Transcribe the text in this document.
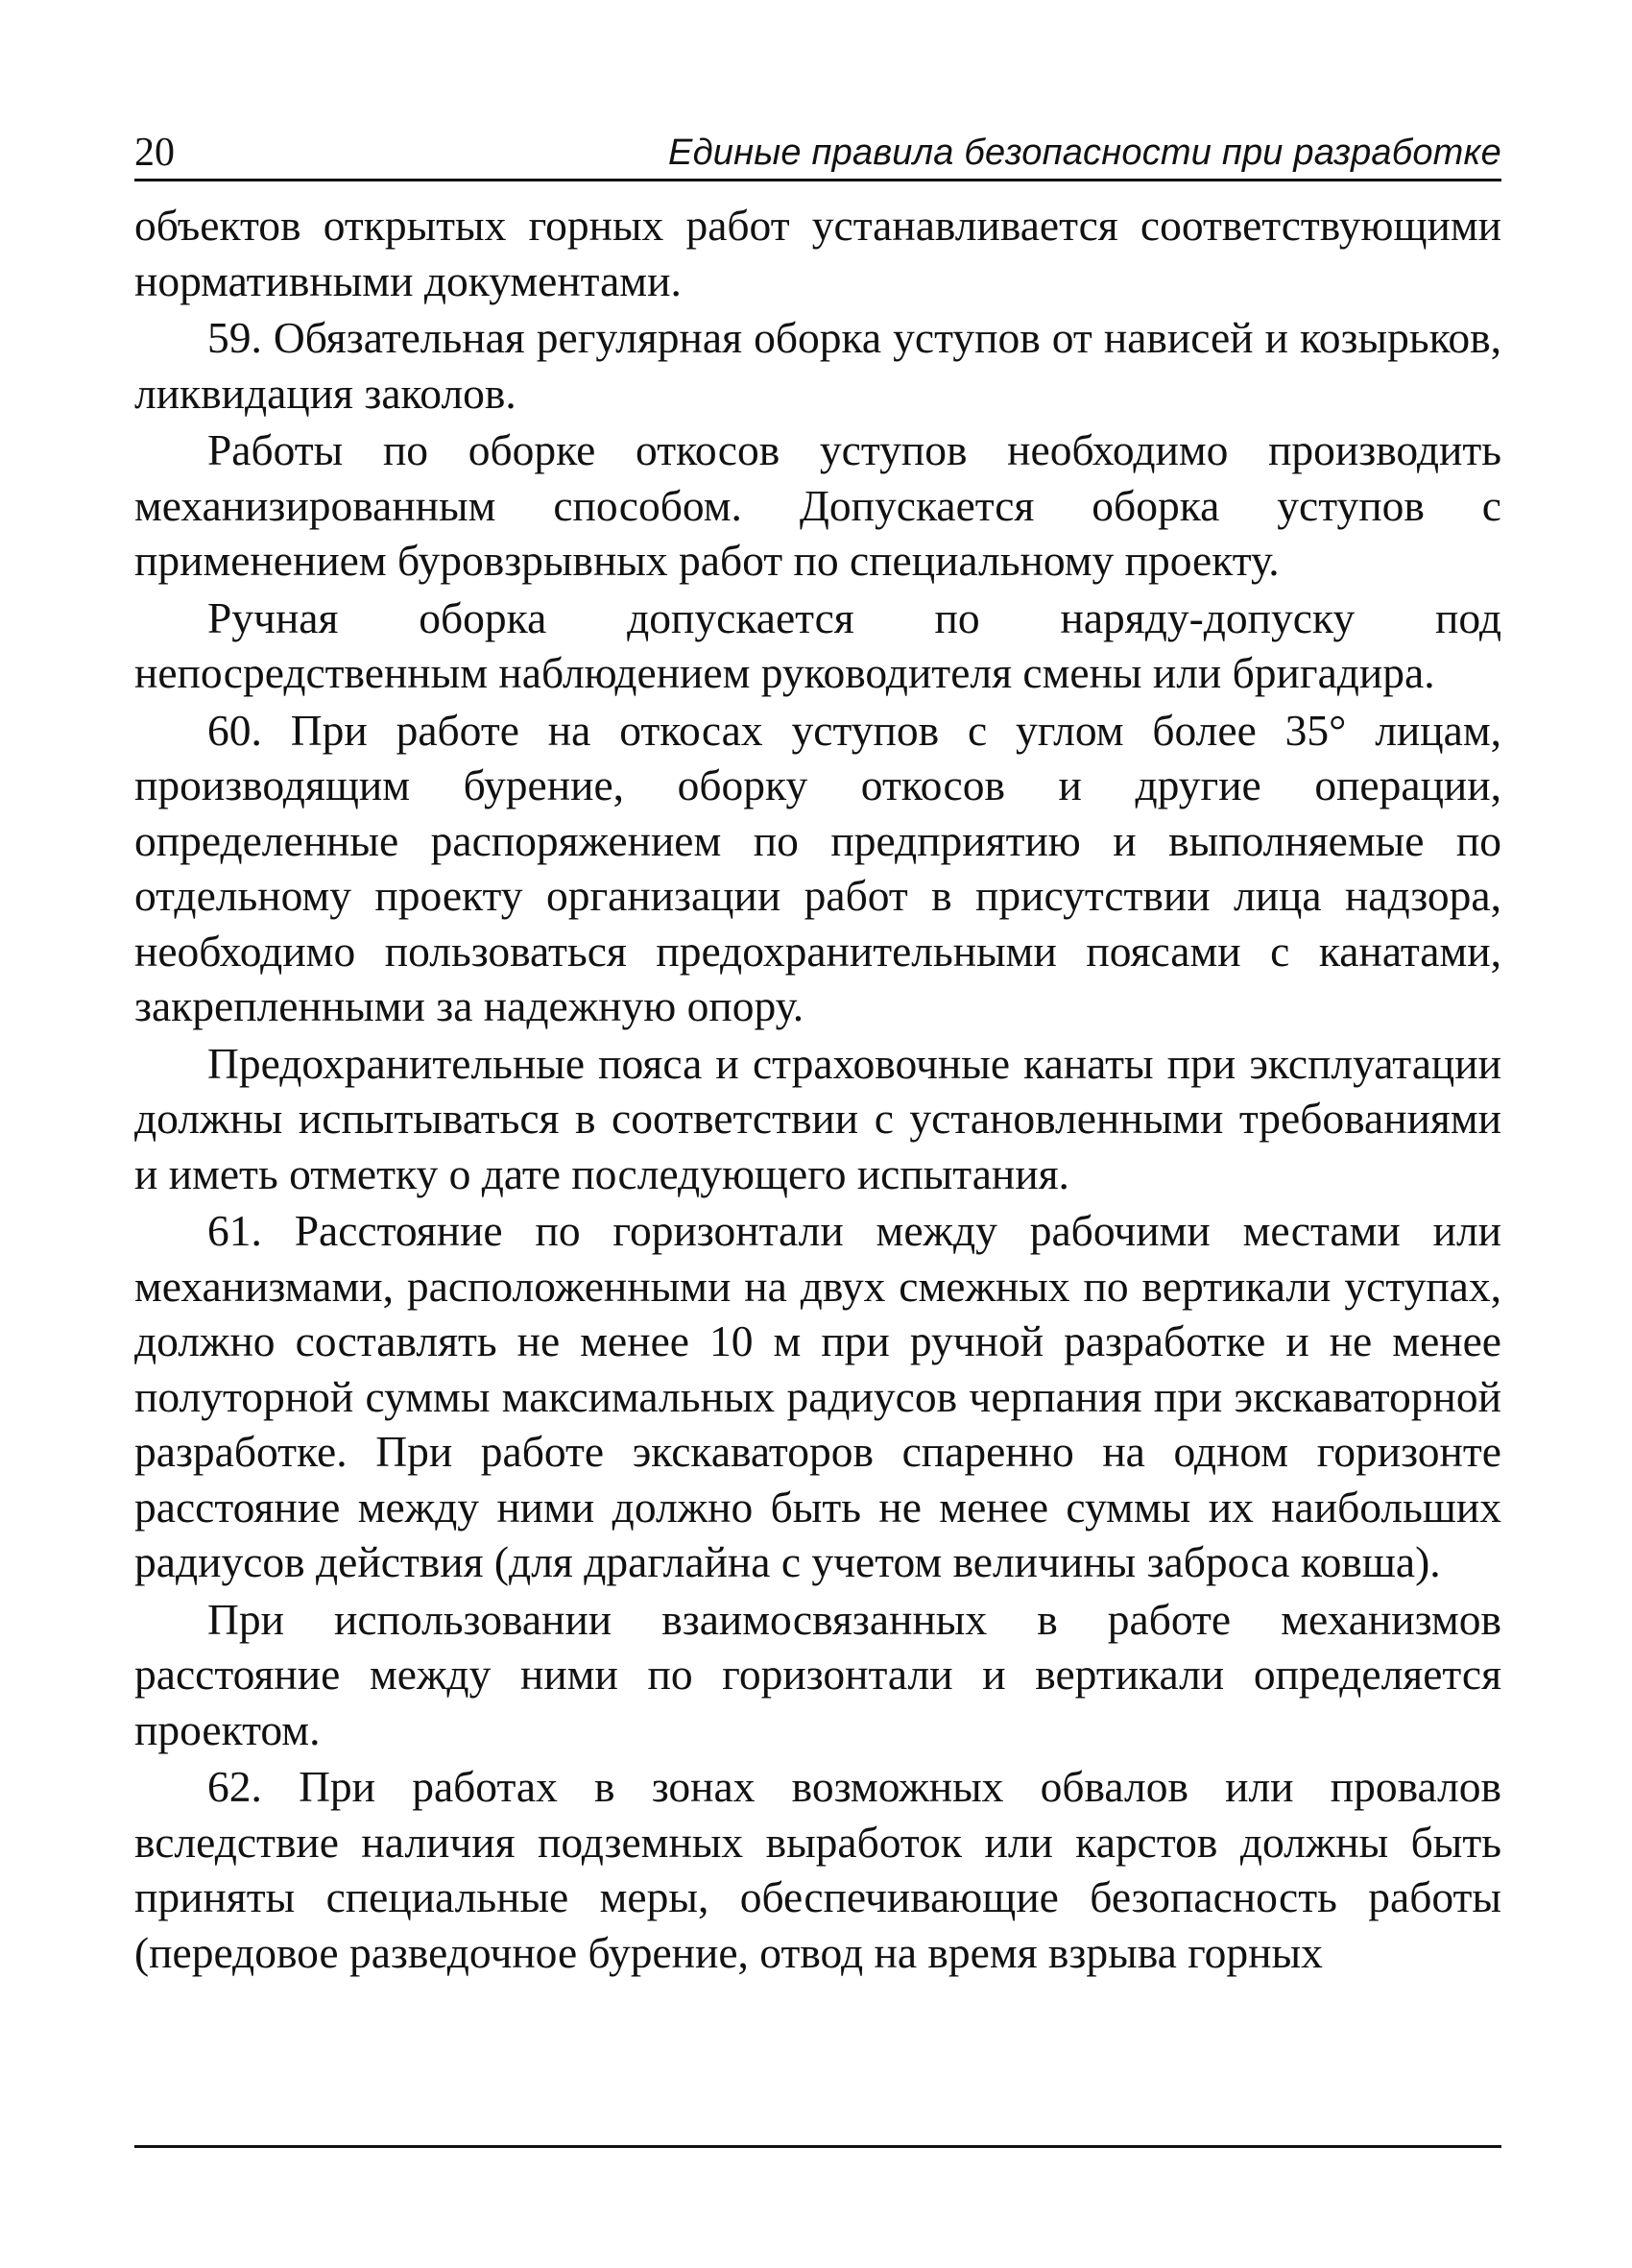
20	Единые правила безопасности при разработке

объектов открытых горных работ устанавливается соответствующими нормативными документами.

59. Обязательная регулярная оборка уступов от нависей и козырьков, ликвидация заколов.

Работы по оборке откосов уступов необходимо производить механизированным способом. Допускается оборка уступов с применением буровзрывных работ по специальному проекту.

Ручная оборка допускается по наряду-допуску под непосредственным наблюдением руководителя смены или бригадира.

60. При работе на откосах уступов с углом более 35° лицам, производящим бурение, оборку откосов и другие операции, определенные распоряжением по предприятию и выполняемые по отдельному проекту организации работ в присутствии лица надзора, необходимо пользоваться предохранительными поясами с канатами, закрепленными за надежную опору.

Предохранительные пояса и страховочные канаты при эксплуатации должны испытываться в соответствии с установленными требованиями и иметь отметку о дате последующего испытания.

61. Расстояние по горизонтали между рабочими местами или механизмами, расположенными на двух смежных по вертикали уступах, должно составлять не менее 10 м при ручной разработке и не менее полуторной суммы максимальных радиусов черпания при экскаваторной разработке. При работе экскаваторов спаренно на одном горизонте расстояние между ними должно быть не менее суммы их наибольших радиусов действия (для драглайна с учетом величины заброса ковша).

При использовании взаимосвязанных в работе механизмов расстояние между ними по горизонтали и вертикали определяется проектом.

62. При работах в зонах возможных обвалов или провалов вследствие наличия подземных выработок или карстов должны быть приняты специальные меры, обеспечивающие безопасность работы (передовое разведочное бурение, отвод на время взрыва горных
